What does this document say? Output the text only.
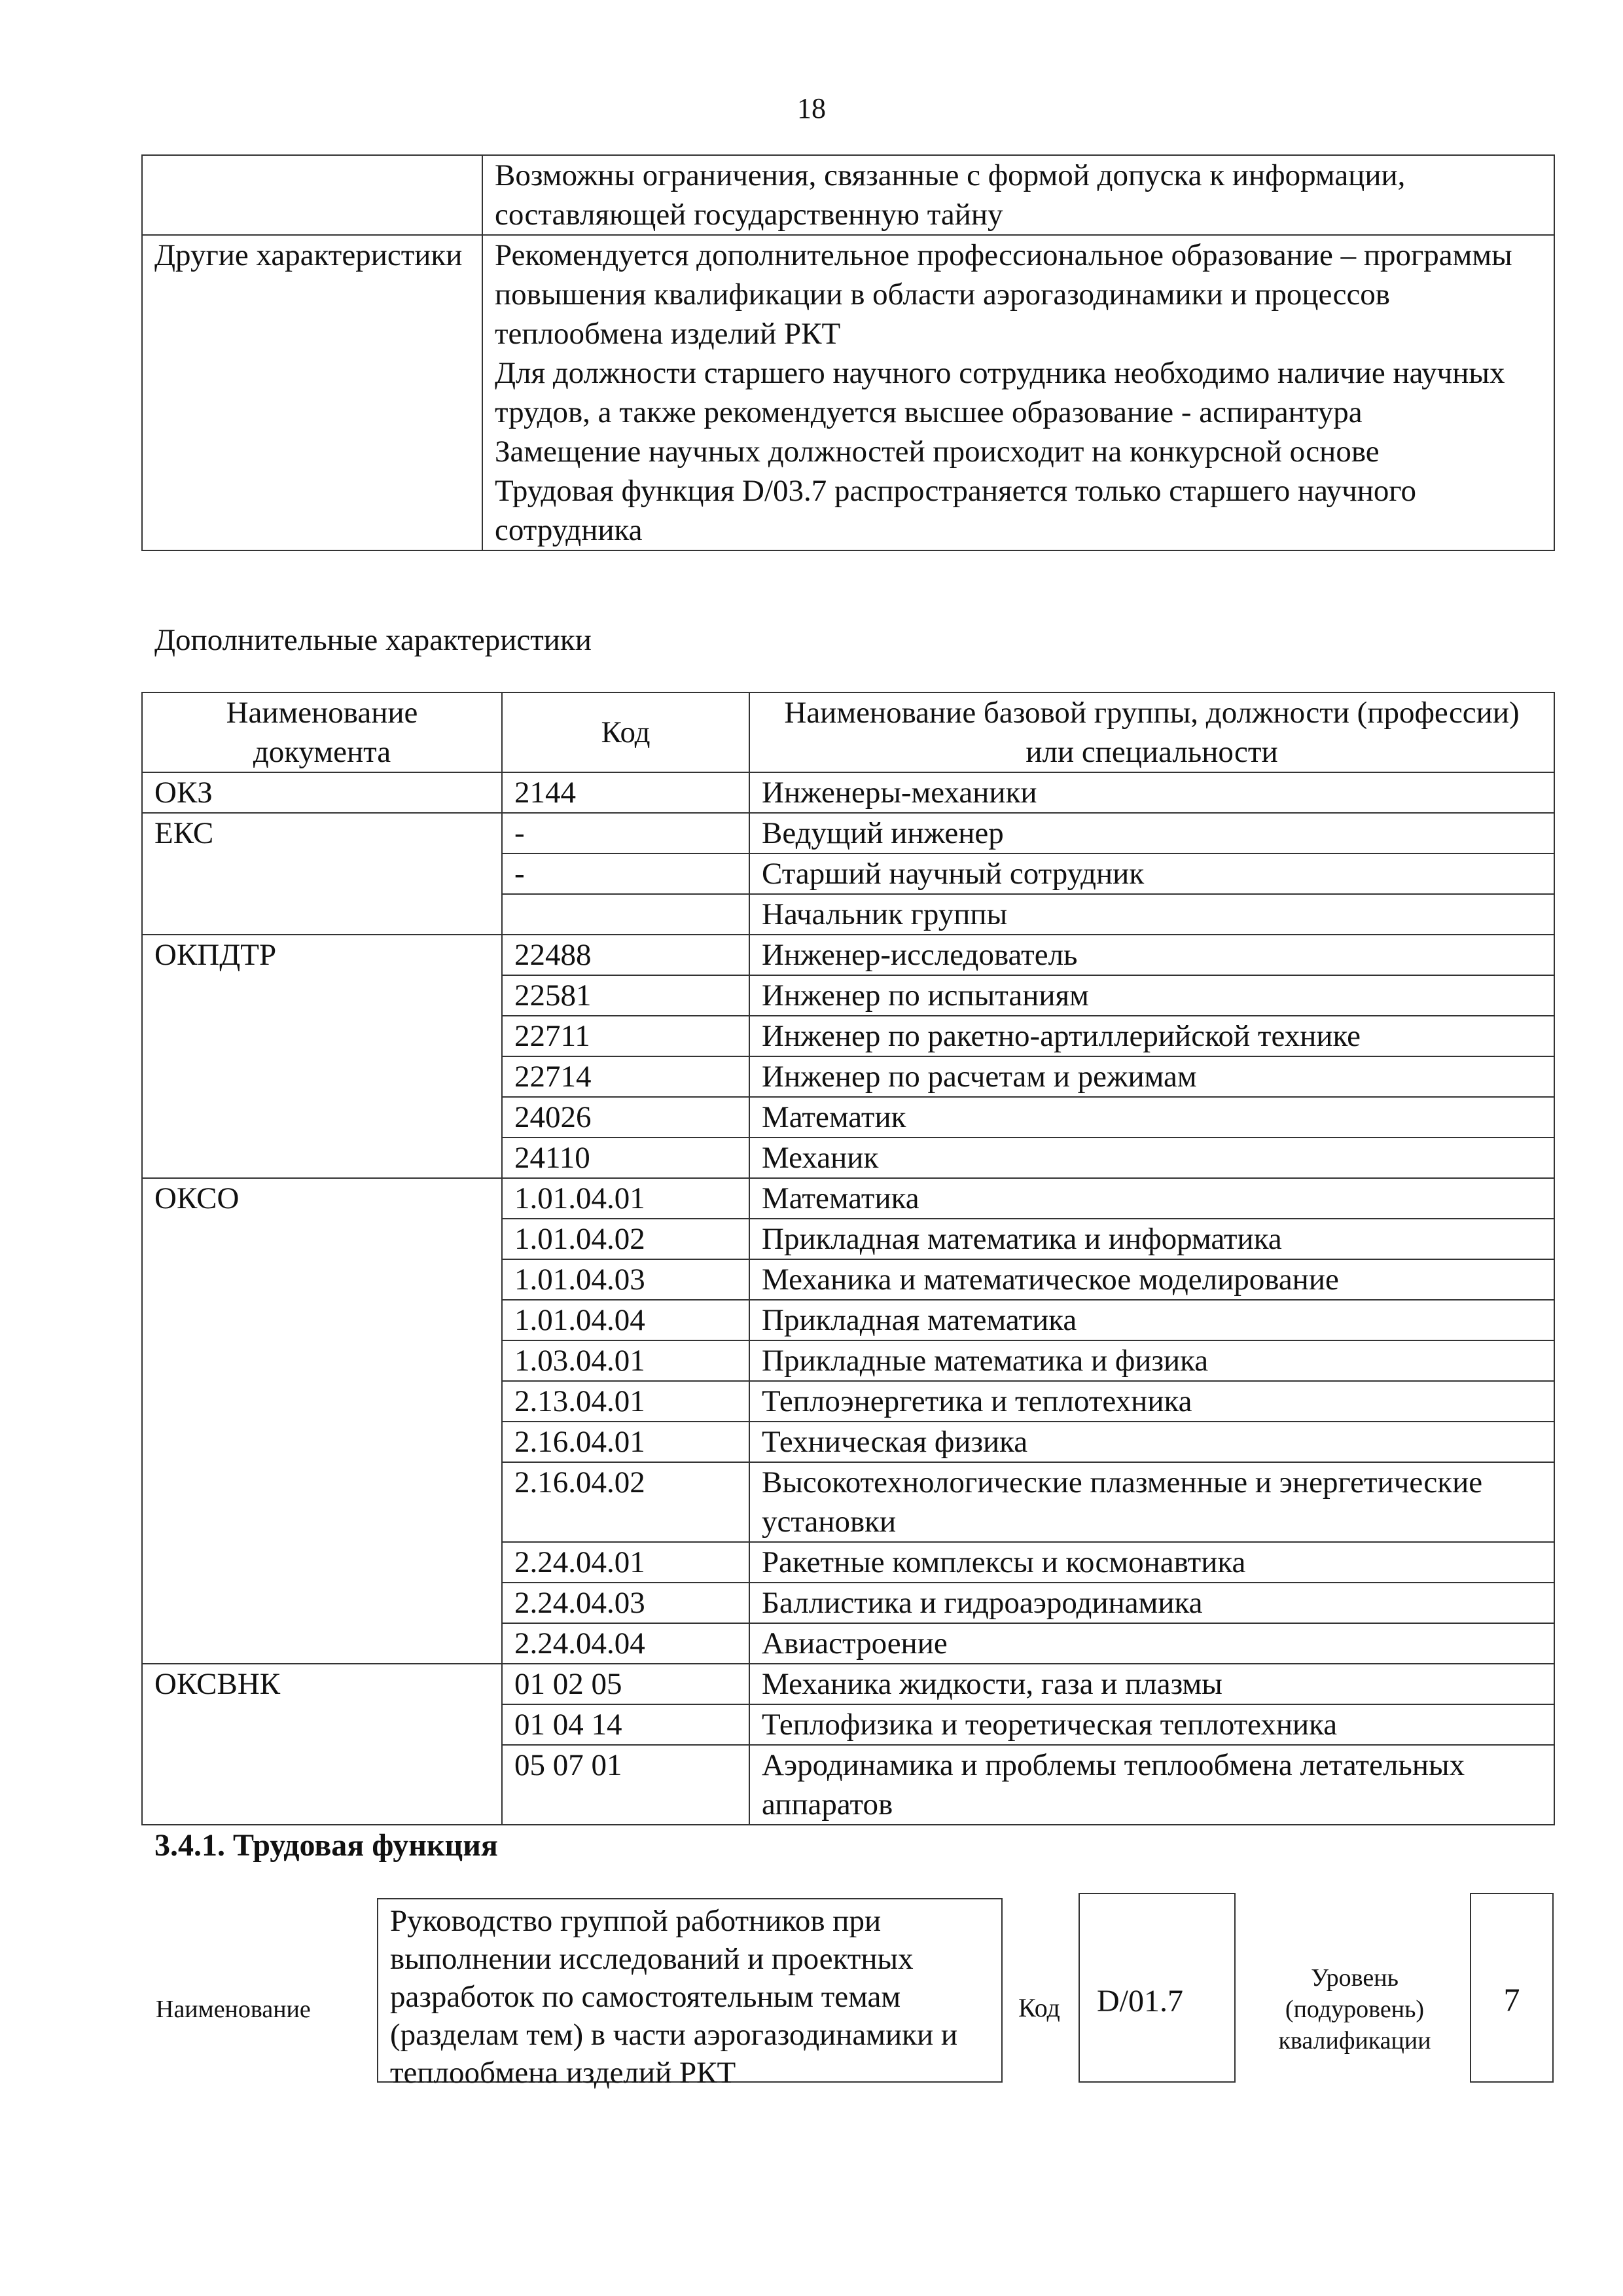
18
	Возможны ограничения, связанные с формой допуска к информации, составляющей государственную тайну
Другие характеристики	Рекомендуется дополнительное профессиональное образование – программы повышения квалификации в области аэрогазодинамики и процессов теплообмена изделий РКТ
Для должности старшего научного сотрудника необходимо наличие научных трудов, а также рекомендуется высшее образование - аспирантура
Замещение научных должностей происходит на конкурсной основе
Трудовая функция D/03.7 распространяется только старшего научного сотрудника
Дополнительные характеристики
Наименование документа	Код	Наименование базовой группы, должности (профессии) или специальности
ОКЗ	2144	Инженеры-механики
ЕКС	-	Ведущий инженер
	-	Старший научный сотрудник
		Начальник группы
ОКПДТР	22488	Инженер-исследователь
	22581	Инженер по испытаниям
	22711	Инженер по ракетно-артиллерийской технике
	22714	Инженер по расчетам и режимам
	24026	Математик
	24110	Механик
ОКСО	1.01.04.01	Математика
	1.01.04.02	Прикладная математика и информатика
	1.01.04.03	Механика и математическое моделирование
	1.01.04.04	Прикладная математика
	1.03.04.01	Прикладные математика и физика
	2.13.04.01	Теплоэнергетика и теплотехника
	2.16.04.01	Техническая физика
	2.16.04.02	Высокотехнологические плазменные и энергетические установки
	2.24.04.01	Ракетные комплексы и космонавтика
	2.24.04.03	Баллистика и гидроаэродинамика
	2.24.04.04	Авиастроение
ОКСВНК	01 02 05	Механика жидкости, газа и плазмы
	01 04 14	Теплофизика и теоретическая теплотехника
	05 07 01	Аэродинамика и проблемы теплообмена летательных аппаратов
3.4.1. Трудовая функция
Наименование
Руководство группой работников при выполнении исследований и проектных разработок по самостоятельным темам (разделам тем) в части аэрогазодинамики и теплообмена изделий РКТ
Код D/01.7
Уровень (подуровень) квалификации
7
